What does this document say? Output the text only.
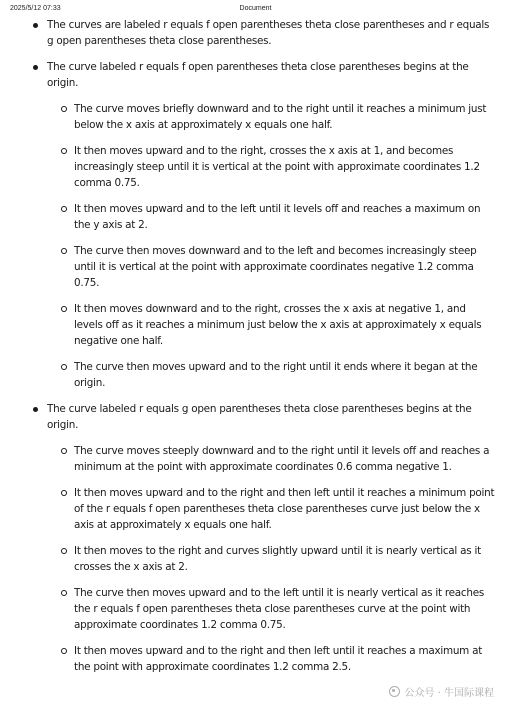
2025/5/12 07:33	Document
The curves are labeled r equals f open parentheses theta close parentheses and r equals g open parentheses theta close parentheses.
The curve labeled r equals f open parentheses theta close parentheses begins at the origin.
The curve moves briefly downward and to the right until it reaches a minimum just below the x axis at approximately x equals one half.
It then moves upward and to the right, crosses the x axis at 1, and becomes increasingly steep until it is vertical at the point with approximate coordinates 1.2 comma 0.75.
It then moves upward and to the left until it levels off and reaches a maximum on the y axis at 2.
The curve then moves downward and to the left and becomes increasingly steep until it is vertical at the point with approximate coordinates negative 1.2 comma 0.75.
It then moves downward and to the right, crosses the x axis at negative 1, and levels off as it reaches a minimum just below the x axis at approximately x equals negative one half.
The curve then moves upward and to the right until it ends where it began at the origin.
The curve labeled r equals g open parentheses theta close parentheses begins at the origin.
The curve moves steeply downward and to the right until it levels off and reaches a minimum at the point with approximate coordinates 0.6 comma negative 1.
It then moves upward and to the right and then left until it reaches a minimum point of the r equals f open parentheses theta close parentheses curve just below the x axis at approximately x equals one half.
It then moves to the right and curves slightly upward until it is nearly vertical as it crosses the x axis at 2.
The curve then moves upward and to the left until it is nearly vertical as it reaches the r equals f open parentheses theta close parentheses curve at the point with approximate coordinates 1.2 comma 0.75.
It then moves upward and to the right and then left until it reaches a maximum at the point with approximate coordinates 1.2 comma 2.5.
公众号 · 牛国际课程
